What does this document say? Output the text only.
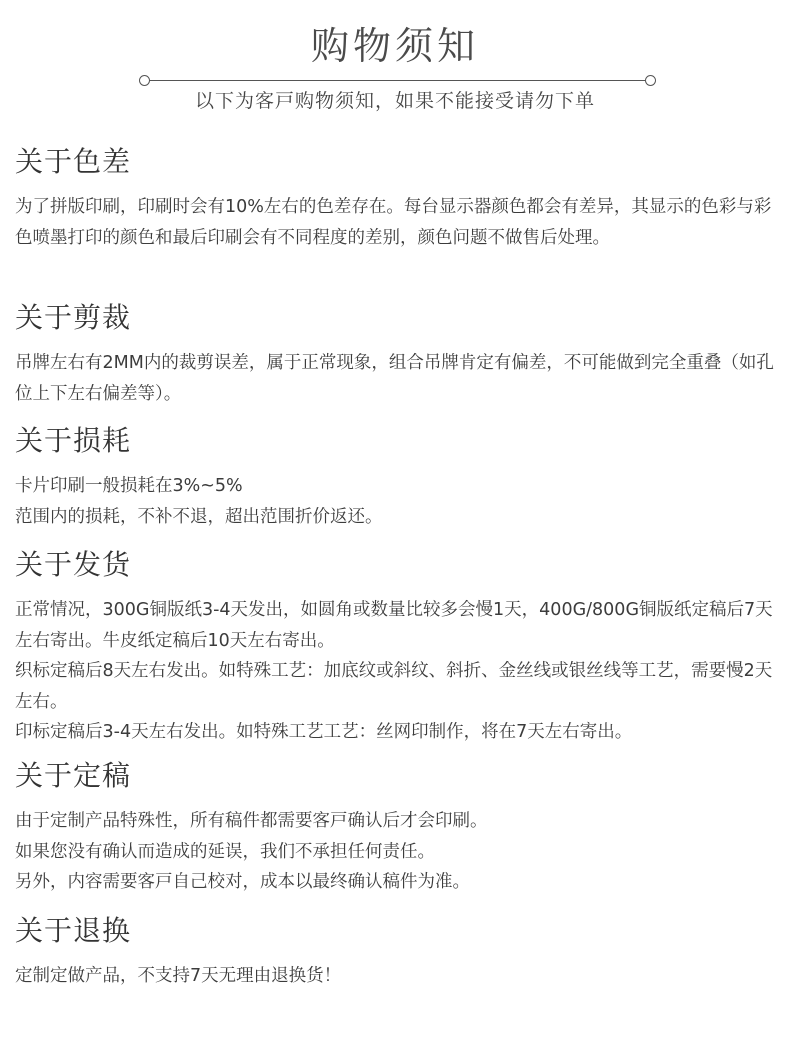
购物须知
以下为客戸购物须知，如果不能接受请勿下单
关于色差

为了拼版印刷，印刷时会有10%左右的色差存在。每台显示器颜色都会有差异，其显示的色彩与彩色喷墨打印的颜色和最后印刷会有不同程度的差别，颜色问题不做售后处理。

关于剪裁

吊牌左右有2MM内的裁剪误差，属于正常现象，组合吊牌肯定有偏差，不可能做到完全重叠（如孔位上下左右偏差等）。

关于损耗

卡片印刷一般损耗在3%~5%

范围内的损耗，不补不退，超出范围折价返还。

关于发货

正常情况，300G铜版纸3-4天发出，如圆角或数量比较多会慢1天，400G/800G铜版纸定稿后7天左右寄出。牛皮纸定稿后10天左右寄出。

织标定稿后8天左右发出。如特殊工艺：加底纹或斜纹、斜折、金丝线或银丝线等工艺，需要慢2天左右。

印标定稿后3-4天左右发出。如特殊工艺工艺：丝网印制作，将在7天左右寄出。

关于定稿

由于定制产品特殊性，所有稿件都需要客戸确认后才会印刷。

如果您没有确认而造成的延误，我们不承担任何责任。

另外，内容需要客戸自己校对，成本以最终确认稿件为准。

关于退换

定制定做产品，不支持7天无理由退换货！
